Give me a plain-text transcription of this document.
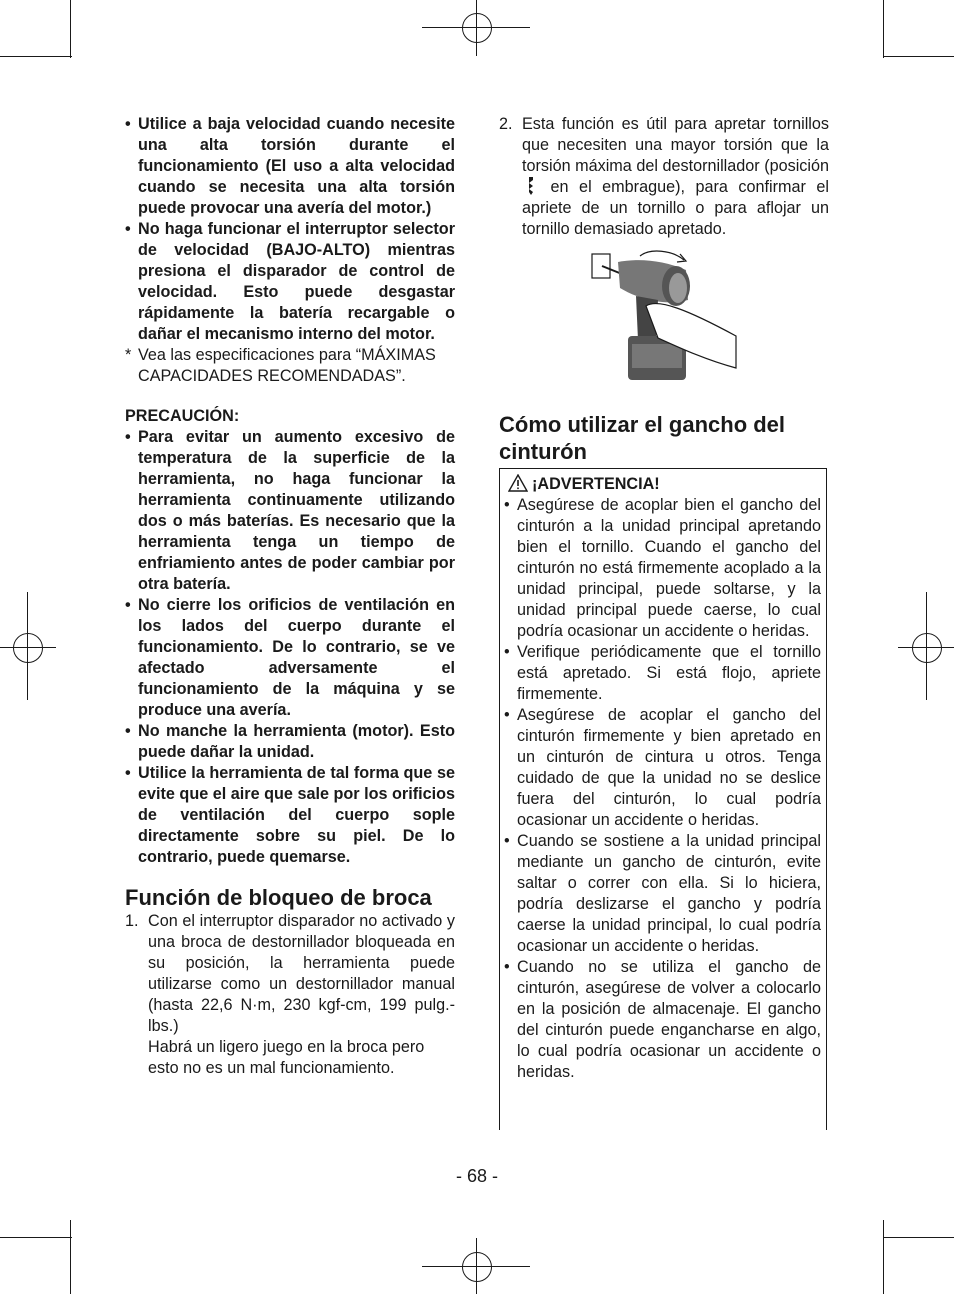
• Utilice a baja velocidad cuando necesite una alta torsión durante el funcionamiento (El uso a alta velocidad cuando se necesita una alta torsión puede provocar una avería del motor.)
• No haga funcionar el interruptor selector de velocidad (BAJO-ALTO) mientras presiona el disparador de control de velocidad. Esto puede desgastar rápidamente la batería recargable o dañar el mecanismo interno del motor.
* Vea las especificaciones para “MÁXIMAS CAPACIDADES RECOMENDADAS”.
PRECAUCIÓN:
• Para evitar un aumento excesivo de temperatura de la superficie de la herramienta, no haga funcionar la herramienta continuamente utilizando dos o más baterías. Es necesario que la herramienta tenga un tiempo de enfriamiento antes de poder cambiar por otra batería.
• No cierre los orificios de ventilación en los lados del cuerpo durante el funcionamiento. De lo contrario, se ve afectado adversamente el funcionamiento de la máquina y se produce una avería.
• No manche la herramienta (motor). Esto puede dañar la unidad.
• Utilice la herramienta de tal forma que se evite que el aire que sale por los orificios de ventilación del cuerpo sople directamente sobre su piel. De lo contrario, puede quemarse.
Función de bloqueo de broca
1. Con el interruptor disparador no activado y una broca de destornillador bloqueada en su posición, la herramienta puede utilizarse como un destornillador manual (hasta 22,6 N·m, 230 kgf-cm, 199 pulg.-lbs.)
Habrá un ligero juego en la broca pero esto no es un mal funcionamiento.
2. Esta función es útil para apretar tornillos que necesiten una mayor torsión que la torsión máxima del destornillador (posición  en el embrague), para confirmar el apriete de un tornillo o para aflojar un tornillo demasiado apretado.
Cómo utilizar el gancho del cinturón
¡ADVERTENCIA!
• Asegúrese de acoplar bien el gancho del cinturón a la unidad principal apretando bien el tornillo. Cuando el gancho del cinturón no está firmemente acoplado a la unidad principal, puede soltarse, y la unidad principal puede caerse, lo cual podría ocasionar un accidente o heridas.
• Verifique periódicamente que el tornillo está apretado. Si está flojo, apriete firmemente.
• Asegúrese de acoplar el gancho del cinturón firmemente y bien apretado en un cinturón de cintura u otros. Tenga cuidado de que la unidad no se deslice fuera del cinturón, lo cual podría ocasionar un accidente o heridas.
• Cuando se sostiene a la unidad principal mediante un gancho de cinturón, evite saltar o correr con ella. Si lo hiciera, podría deslizarse el gancho y podría caerse la unidad principal, lo cual podría ocasionar un accidente o heridas.
• Cuando no se utiliza el gancho de cinturón, asegúrese de volver a colocarlo en la posición de almacenaje. El gancho del cinturón puede engancharse en algo, lo cual podría ocasionar un accidente o heridas.
- 68 -
